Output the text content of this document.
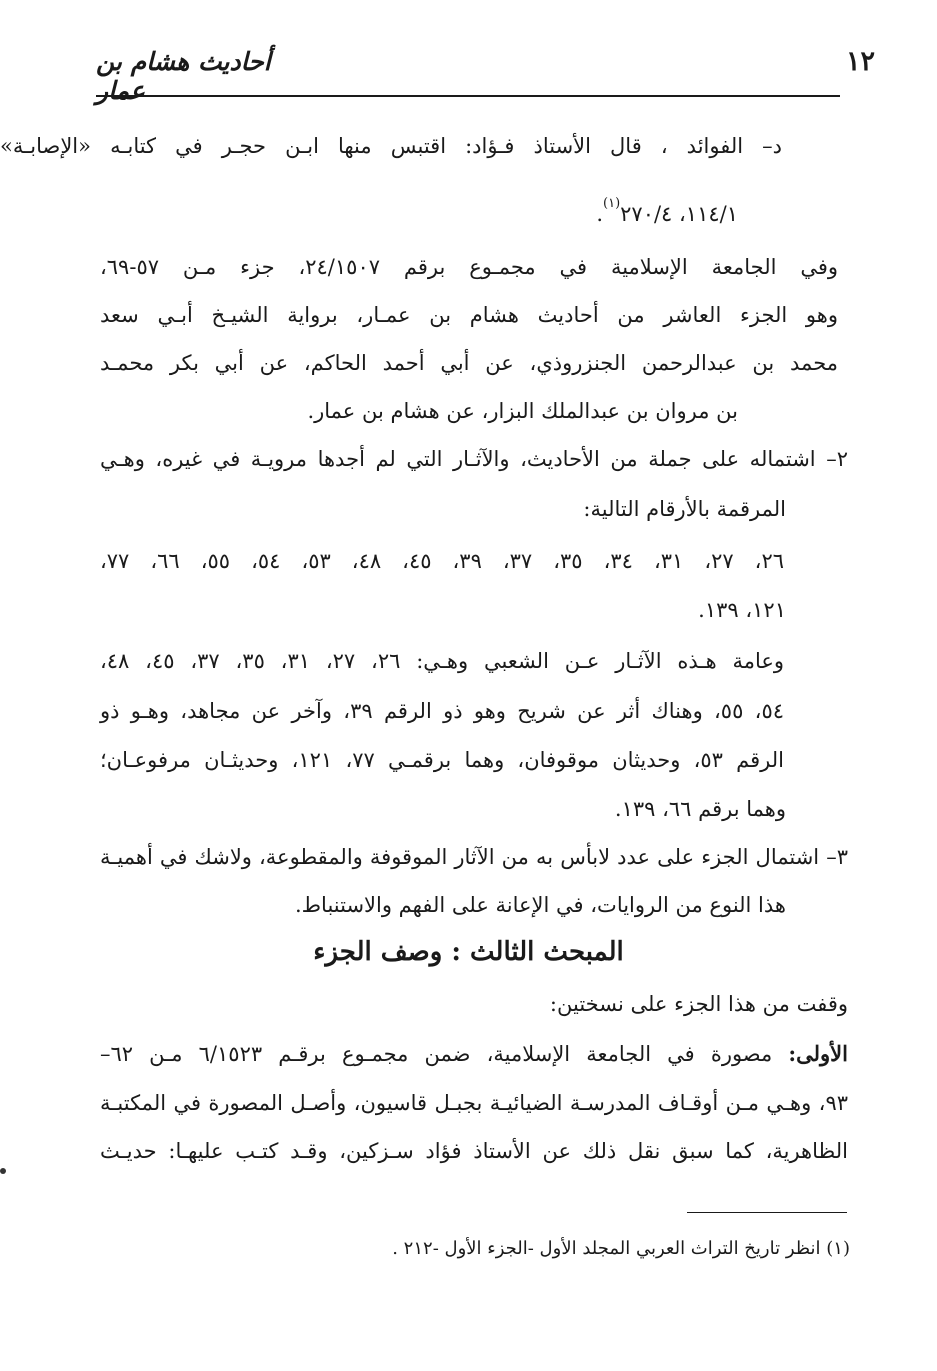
١٢
أحاديث هشام بن عمار
د– الفوائد ، قال الأستاذ فـؤاد: اقتبس منها ابـن حجـر في كتابـه «الإصابـة»
١١٤/١، ٢٧٠/٤$^{(١)}$.
وفي الجامعة الإسلامية في مجمـوع برقم ٢٤/١٥٠٧، جزء مـن ٥٧-٦٩،
وهو الجزء العاشر من أحاديث هشام بن عمـار، برواية الشيـخ أبـي سعد
محمد بن عبدالرحمن الجنزروذي، عن أبي أحمد الحاكم، عن أبي بكر محمـد
بن مروان بن عبدالملك البزار، عن هشام بن عمار.
٢– اشتماله على جملة من الأحاديث، والآثـار التي لم أجدها مرويـة في غيره، وهـي
المرقمة بالأرقام التالية:
٢٦، ٢٧، ٣١، ٣٤، ٣٥، ٣٧، ٣٩، ٤٥، ٤٨، ٥٣، ٥٤، ٥٥، ٦٦، ٧٧،
١٢١، ١٣٩.
وعامة هـذه الآثـار عـن الشعبي وهـي: ٢٦، ٢٧، ٣١، ٣٥، ٣٧، ٤٥، ٤٨،
٥٤، ٥٥، وهناك أثر عن شريح وهو ذو الرقم ٣٩، وآخر عن مجاهد، وهـو ذو
الرقم ٥٣، وحديثان موقوفان، وهما برقمـي ٧٧، ١٢١، وحديثـان مرفوعـان؛
وهما برقم ٦٦، ١٣٩.
٣– اشتمال الجزء على عدد لابأس به من الآثار الموقوفة والمقطوعة، ولاشك في أهميـة
هذا النوع من الروايات، في الإعانة على الفهم والاستنباط.
المبحث الثالث : وصف الجزء
وقفت من هذا الجزء على نسختين:
الأولى: مصورة في الجامعة الإسلامية، ضمن مجمـوع برقـم ٦/١٥٢٣ مـن ٦٢–
٩٣، وهـي مـن أوقـاف المدرسـة الضيائيـة بجبـل قاسيون، وأصـل المصورة في المكتبـة
الظاهرية، كما سبق نقل ذلك عن الأستاذ فؤاد سـزكين، وقـد كتـب عليهـا: حديـث
(١) انظر تاريخ التراث العربي المجلد الأول -الجزء الأول -٢١٢ .
